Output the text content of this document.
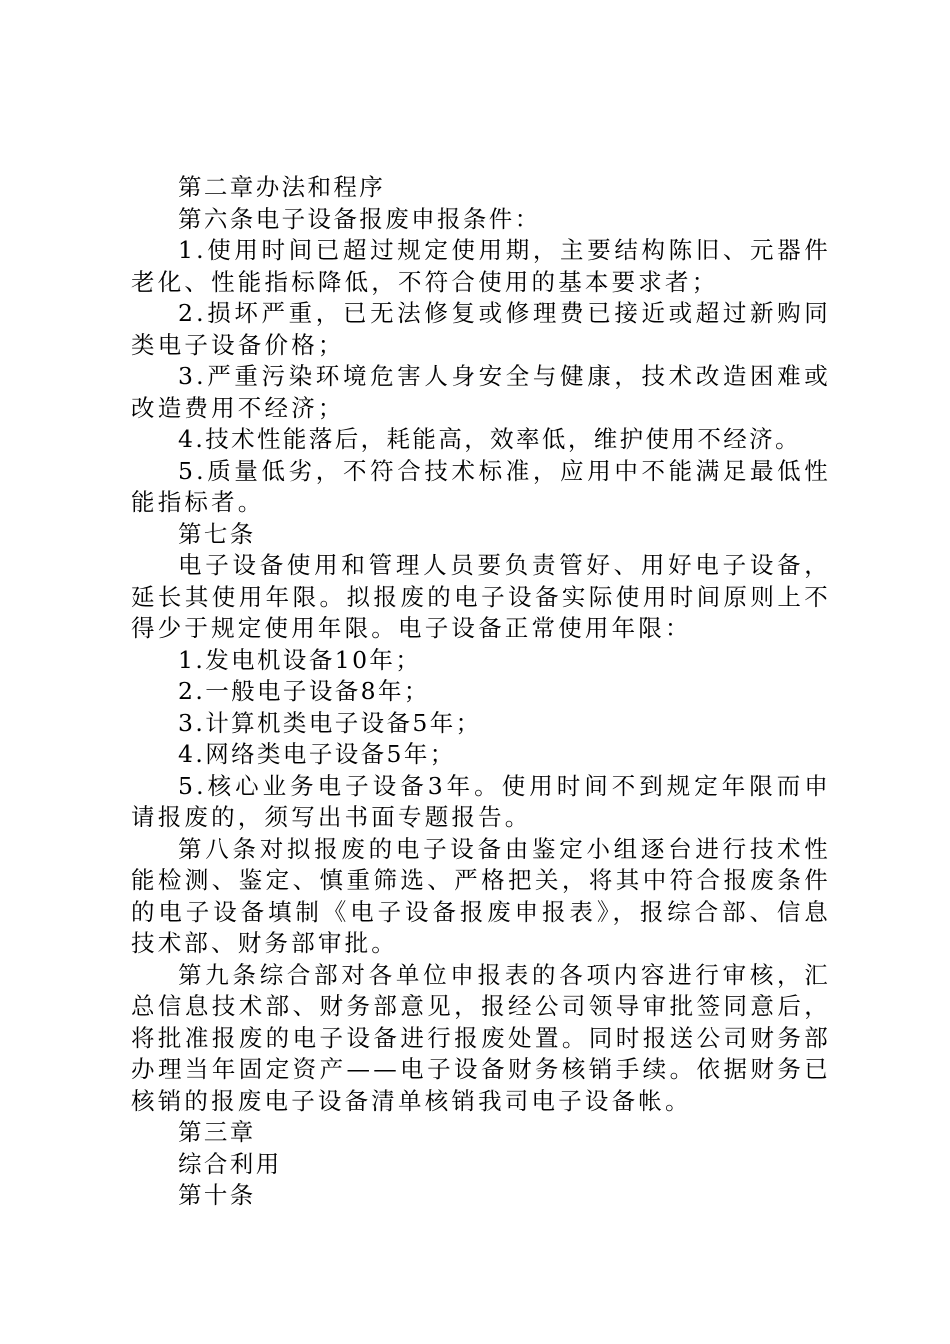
第二章办法和程序

第六条电子设备报废申报条件：

1.使用时间已超过规定使用期，主要结构陈旧、元器件老化、性能指标降低，不符合使用的基本要求者；

2.损坏严重，已无法修复或修理费已接近或超过新购同类电子设备价格；

3.严重污染环境危害人身安全与健康，技术改造困难或改造费用不经济；

4.技术性能落后，耗能高，效率低，维护使用不经济。

5.质量低劣，不符合技术标准，应用中不能满足最低性能指标者。

第七条

电子设备使用和管理人员要负责管好、用好电子设备，延长其使用年限。拟报废的电子设备实际使用时间原则上不得少于规定使用年限。电子设备正常使用年限：

1.发电机设备10年；

2.一般电子设备8年；

3.计算机类电子设备5年；

4.网络类电子设备5年；

5.核心业务电子设备3年。使用时间不到规定年限而申请报废的，须写出书面专题报告。

第八条对拟报废的电子设备由鉴定小组逐台进行技术性能检测、鉴定、慎重筛选、严格把关，将其中符合报废条件的电子设备填制《电子设备报废申报表》，报综合部、信息技术部、财务部审批。

第九条综合部对各单位申报表的各项内容进行审核，汇总信息技术部、财务部意见，报经公司领导审批签同意后，将批准报废的电子设备进行报废处置。同时报送公司财务部办理当年固定资产——电子设备财务核销手续。依据财务已核销的报废电子设备清单核销我司电子设备帐。

第三章

综合利用

第十条
